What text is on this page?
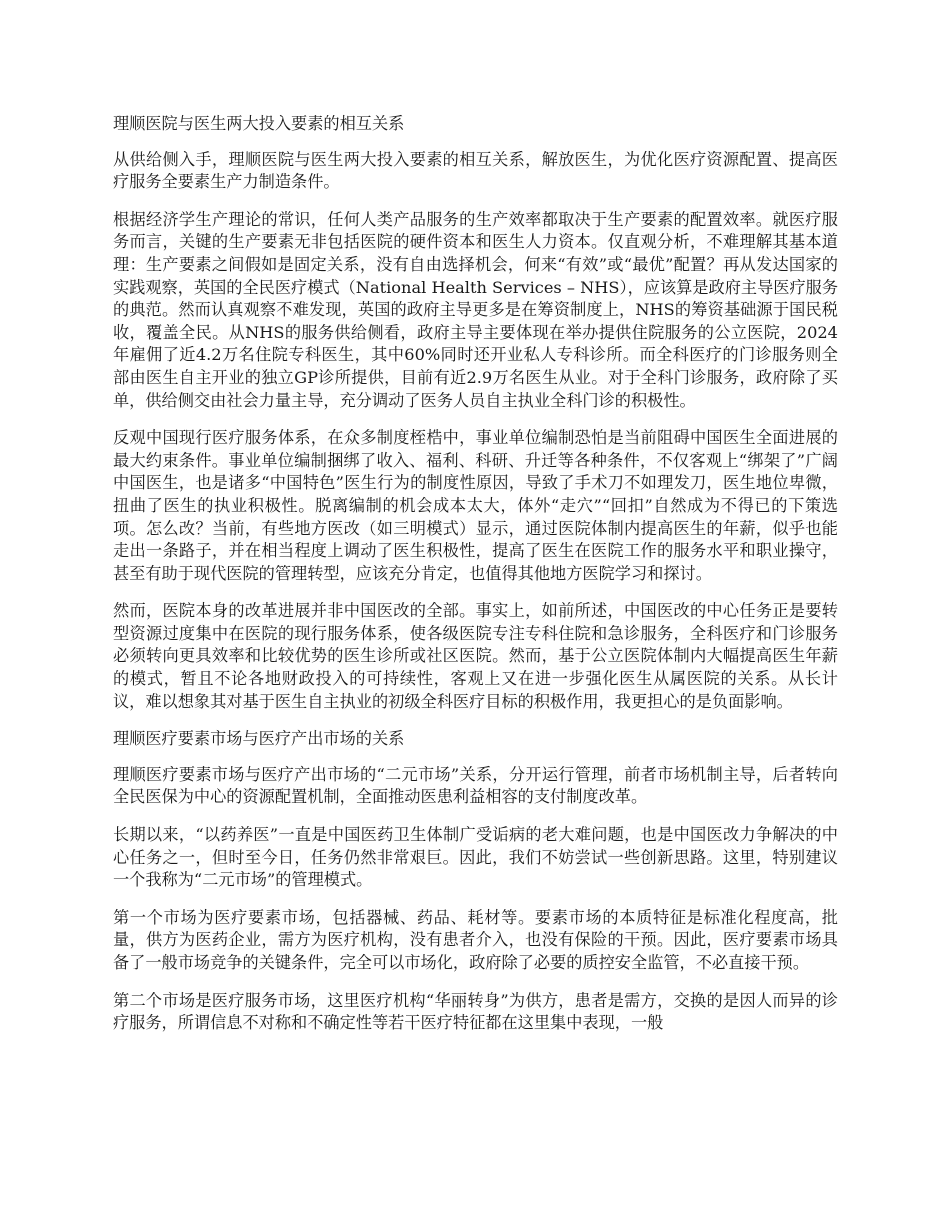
理顺医院与医生两大投入要素的相互关系

从供给侧入手，理顺医院与医生两大投入要素的相互关系，解放医生，为优化医疗资源配置、提高医疗服务全要素生产力制造条件。

根据经济学生产理论的常识，任何人类产品服务的生产效率都取决于生产要素的配置效率。就医疗服务而言，关键的生产要素无非包括医院的硬件资本和医生人力资本。仅直观分析，不难理解其基本道理：生产要素之间假如是固定关系，没有自由选择机会，何来“有效”或“最优”配置？再从发达国家的实践观察，英国的全民医疗模式（National Health Services – NHS），应该算是政府主导医疗服务的典范。然而认真观察不难发现，英国的政府主导更多是在筹资制度上，NHS的筹资基础源于国民税收，覆盖全民。从NHS的服务供给侧看，政府主导主要体现在举办提供住院服务的公立医院，2024年雇佣了近4.2万名住院专科医生，其中60%同时还开业私人专科诊所。而全科医疗的门诊服务则全部由医生自主开业的独立GP诊所提供，目前有近2.9万名医生从业。对于全科门诊服务，政府除了买单，供给侧交由社会力量主导，充分调动了医务人员自主执业全科门诊的积极性。

反观中国现行医疗服务体系，在众多制度桎梏中，事业单位编制恐怕是当前阻碍中国医生全面进展的最大约束条件。事业单位编制捆绑了收入、福利、科研、升迁等各种条件，不仅客观上“绑架了”广阔中国医生，也是诸多“中国特色”医生行为的制度性原因，导致了手术刀不如理发刀，医生地位卑微，扭曲了医生的执业积极性。脱离编制的机会成本太大，体外“走穴”“回扣”自然成为不得已的下策选项。怎么改？当前，有些地方医改（如三明模式）显示，通过医院体制内提高医生的年薪，似乎也能走出一条路子，并在相当程度上调动了医生积极性，提高了医生在医院工作的服务水平和职业操守，甚至有助于现代医院的管理转型，应该充分肯定，也值得其他地方医院学习和探讨。

然而，医院本身的改革进展并非中国医改的全部。事实上，如前所述，中国医改的中心任务正是要转型资源过度集中在医院的现行服务体系，使各级医院专注专科住院和急诊服务，全科医疗和门诊服务必须转向更具效率和比较优势的医生诊所或社区医院。然而，基于公立医院体制内大幅提高医生年薪的模式，暂且不论各地财政投入的可持续性，客观上又在进一步强化医生从属医院的关系。从长计议，难以想象其对基于医生自主执业的初级全科医疗目标的积极作用，我更担心的是负面影响。

理顺医疗要素市场与医疗产出市场的关系

理顺医疗要素市场与医疗产出市场的“二元市场”关系，分开运行管理，前者市场机制主导，后者转向全民医保为中心的资源配置机制，全面推动医患利益相容的支付制度改革。

长期以来，“以药养医”一直是中国医药卫生体制广受诟病的老大难问题，也是中国医改力争解决的中心任务之一，但时至今日，任务仍然非常艰巨。因此，我们不妨尝试一些创新思路。这里，特别建议一个我称为“二元市场”的管理模式。

第一个市场为医疗要素市场，包括器械、药品、耗材等。要素市场的本质特征是标准化程度高，批量，供方为医药企业，需方为医疗机构，没有患者介入，也没有保险的干预。因此，医疗要素市场具备了一般市场竞争的关键条件，完全可以市场化，政府除了必要的质控安全监管，不必直接干预。

第二个市场是医疗服务市场，这里医疗机构“华丽转身”为供方，患者是需方，交换的是因人而异的诊疗服务，所谓信息不对称和不确定性等若干医疗特征都在这里集中表现，一般
